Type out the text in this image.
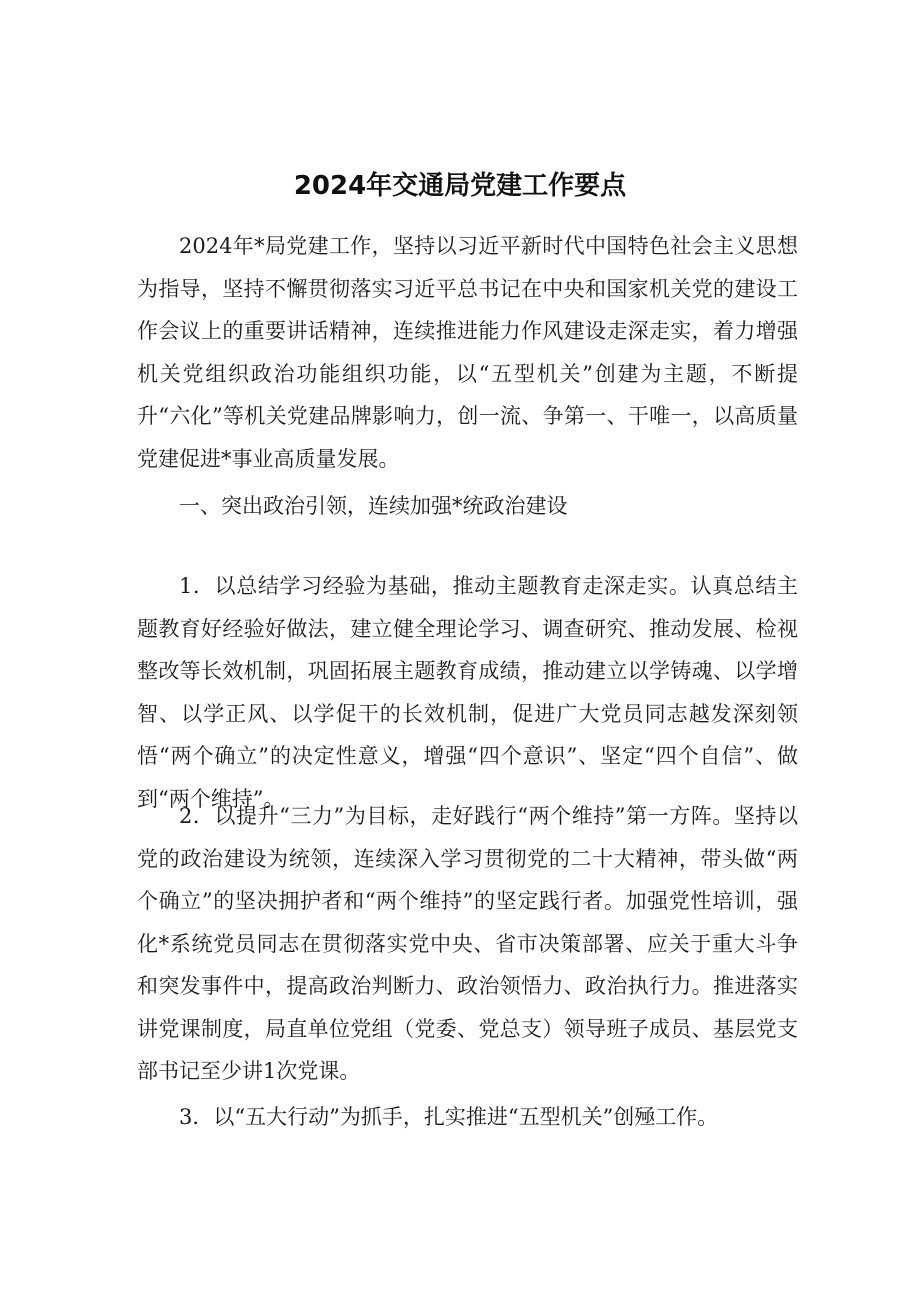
2024年交通局党建工作要点

2024年*局党建工作，坚持以习近平新时代中国特色社会主义思想为指导，坚持不懈贯彻落实习近平总书记在中央和国家机关党的建设工作会议上的重要讲话精神，连续推进能力作风建设走深走实，着力增强机关党组织政治功能组织功能，以“五型机关”创建为主题，不断提升“六化”等机关党建品牌影响力，创一流、争第一、干唯一，以高质量党建促进*事业高质量发展。

一、突出政治引领，连续加强*统政治建设

1．以总结学习经验为基础，推动主题教育走深走实。认真总结主题教育好经验好做法，建立健全理论学习、调查研究、推动发展、检视整改等长效机制，巩固拓展主题教育成绩，推动建立以学铸魂、以学增智、以学正风、以学促干的长效机制，促进广大党员同志越发深刻领悟“两个确立”的决定性意义，增强“四个意识”、坚定“四个自信”、做到“两个维持”。

2．以提升“三力”为目标，走好践行“两个维持”第一方阵。坚持以党的政治建设为统领，连续深入学习贯彻党的二十大精神，带头做“两个确立”的坚决拥护者和“两个维持”的坚定践行者。加强党性培训，强化*系统党员同志在贯彻落实党中央、省市决策部署、应关于重大斗争和突发事件中，提高政治判断力、政治领悟力、政治执行力。推进落实讲党课制度，局直单位党组（党委、党总支）领导班子成员、基层党支部书记至少讲1次党课。

3．以“五大行动”为抓手，扎实推进“五型机关”创殛工作。
